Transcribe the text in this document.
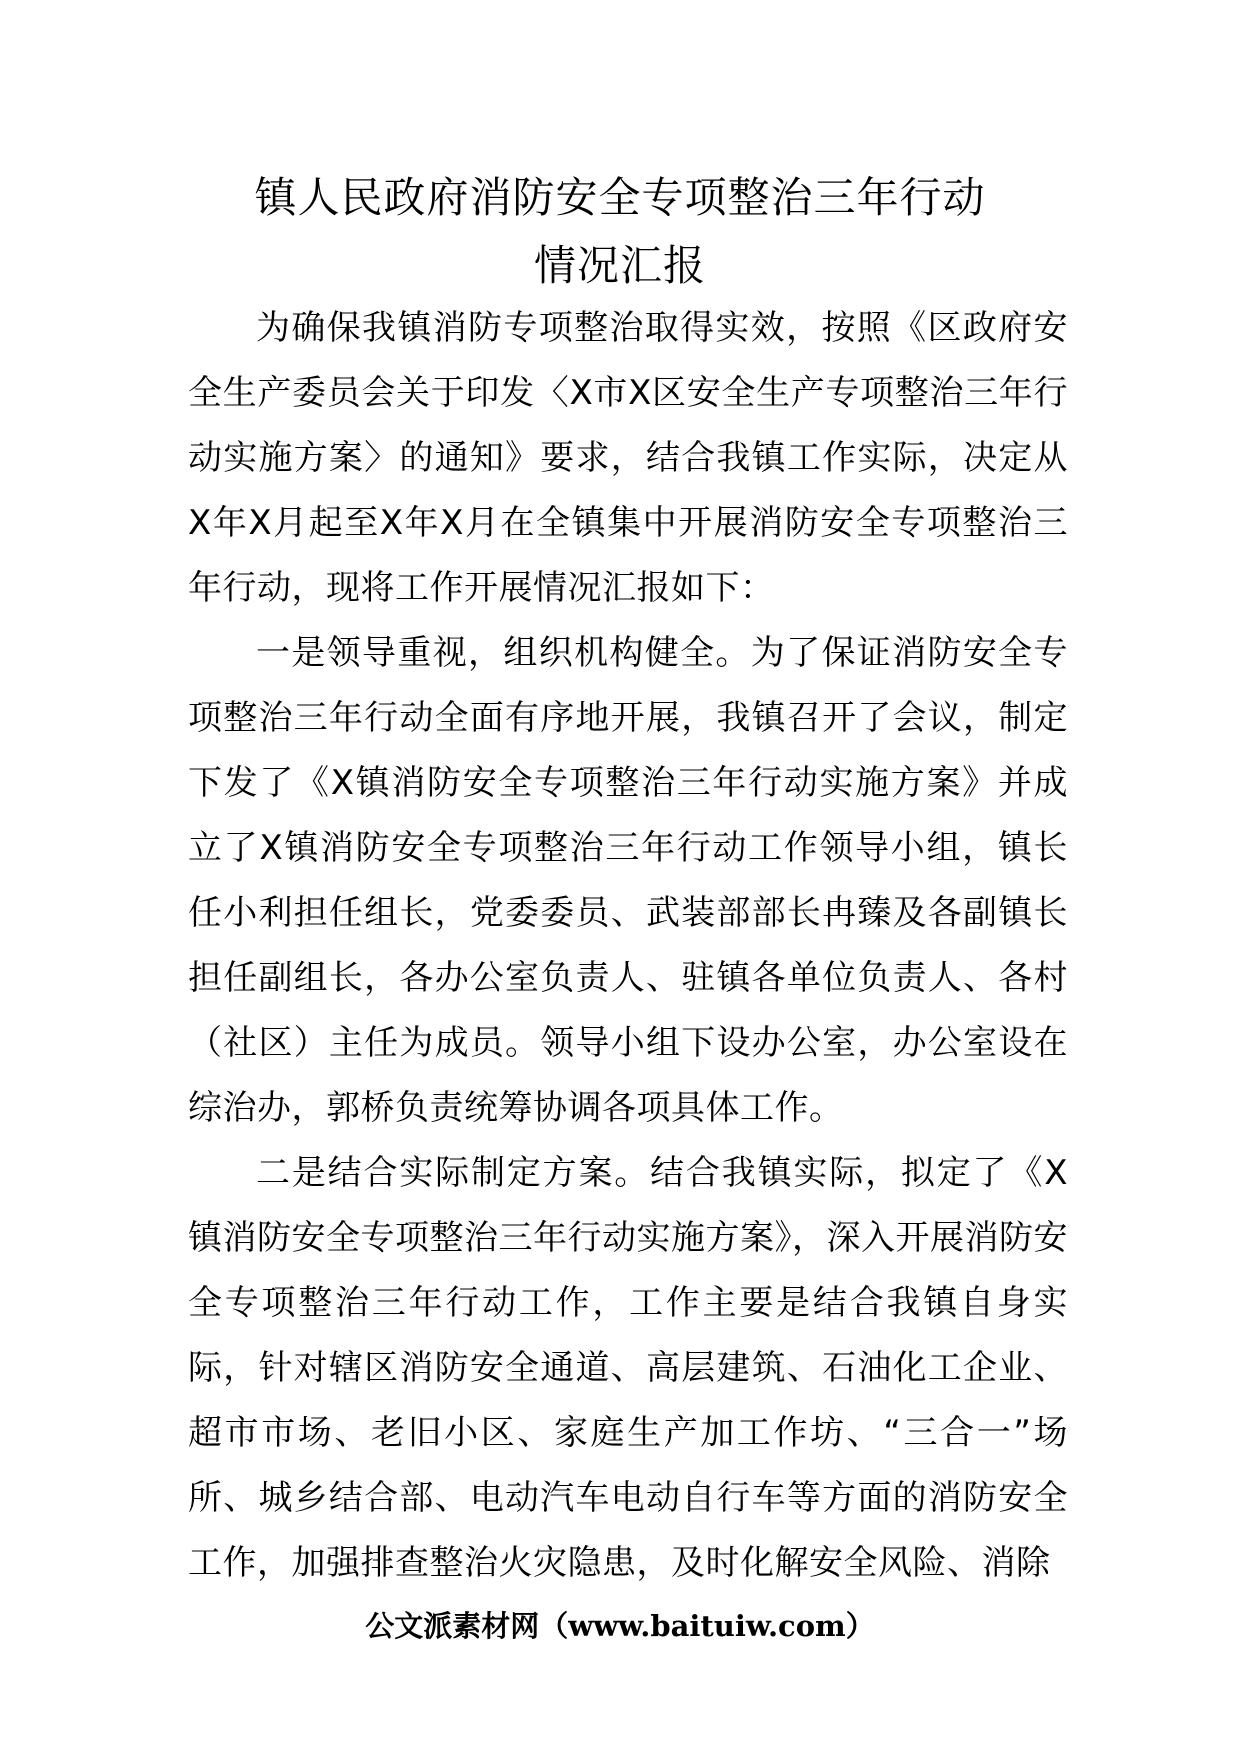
镇人民政府消防安全专项整治三年行动
情况汇报

为确保我镇消防专项整治取得实效，按照《区政府安全生产委员会关于印发〈X市X区安全生产专项整治三年行动实施方案〉的通知》要求，结合我镇工作实际，决定从X年X月起至X年X月在全镇集中开展消防安全专项整治三年行动，现将工作开展情况汇报如下：

一是领导重视，组织机构健全。为了保证消防安全专项整治三年行动全面有序地开展，我镇召开了会议，制定下发了《X镇消防安全专项整治三年行动实施方案》并成立了X镇消防安全专项整治三年行动工作领导小组，镇长任小利担任组长，党委委员、武装部部长冉臻及各副镇长担任副组长，各办公室负责人、驻镇各单位负责人、各村（社区）主任为成员。领导小组下设办公室，办公室设在综治办，郭桥负责统筹协调各项具体工作。

二是结合实际制定方案。结合我镇实际，拟定了《X镇消防安全专项整治三年行动实施方案》，深入开展消防安全专项整治三年行动工作，工作主要是结合我镇自身实际，针对辖区消防安全通道、高层建筑、石油化工企业、超市市场、老旧小区、家庭生产加工作坊、“三合一”场所、城乡结合部、电动汽车电动自行车等方面的消防安全工作，加强排查整治火灾隐患，及时化解安全风险、消除

公文派素材网（www.baituiw.com）
